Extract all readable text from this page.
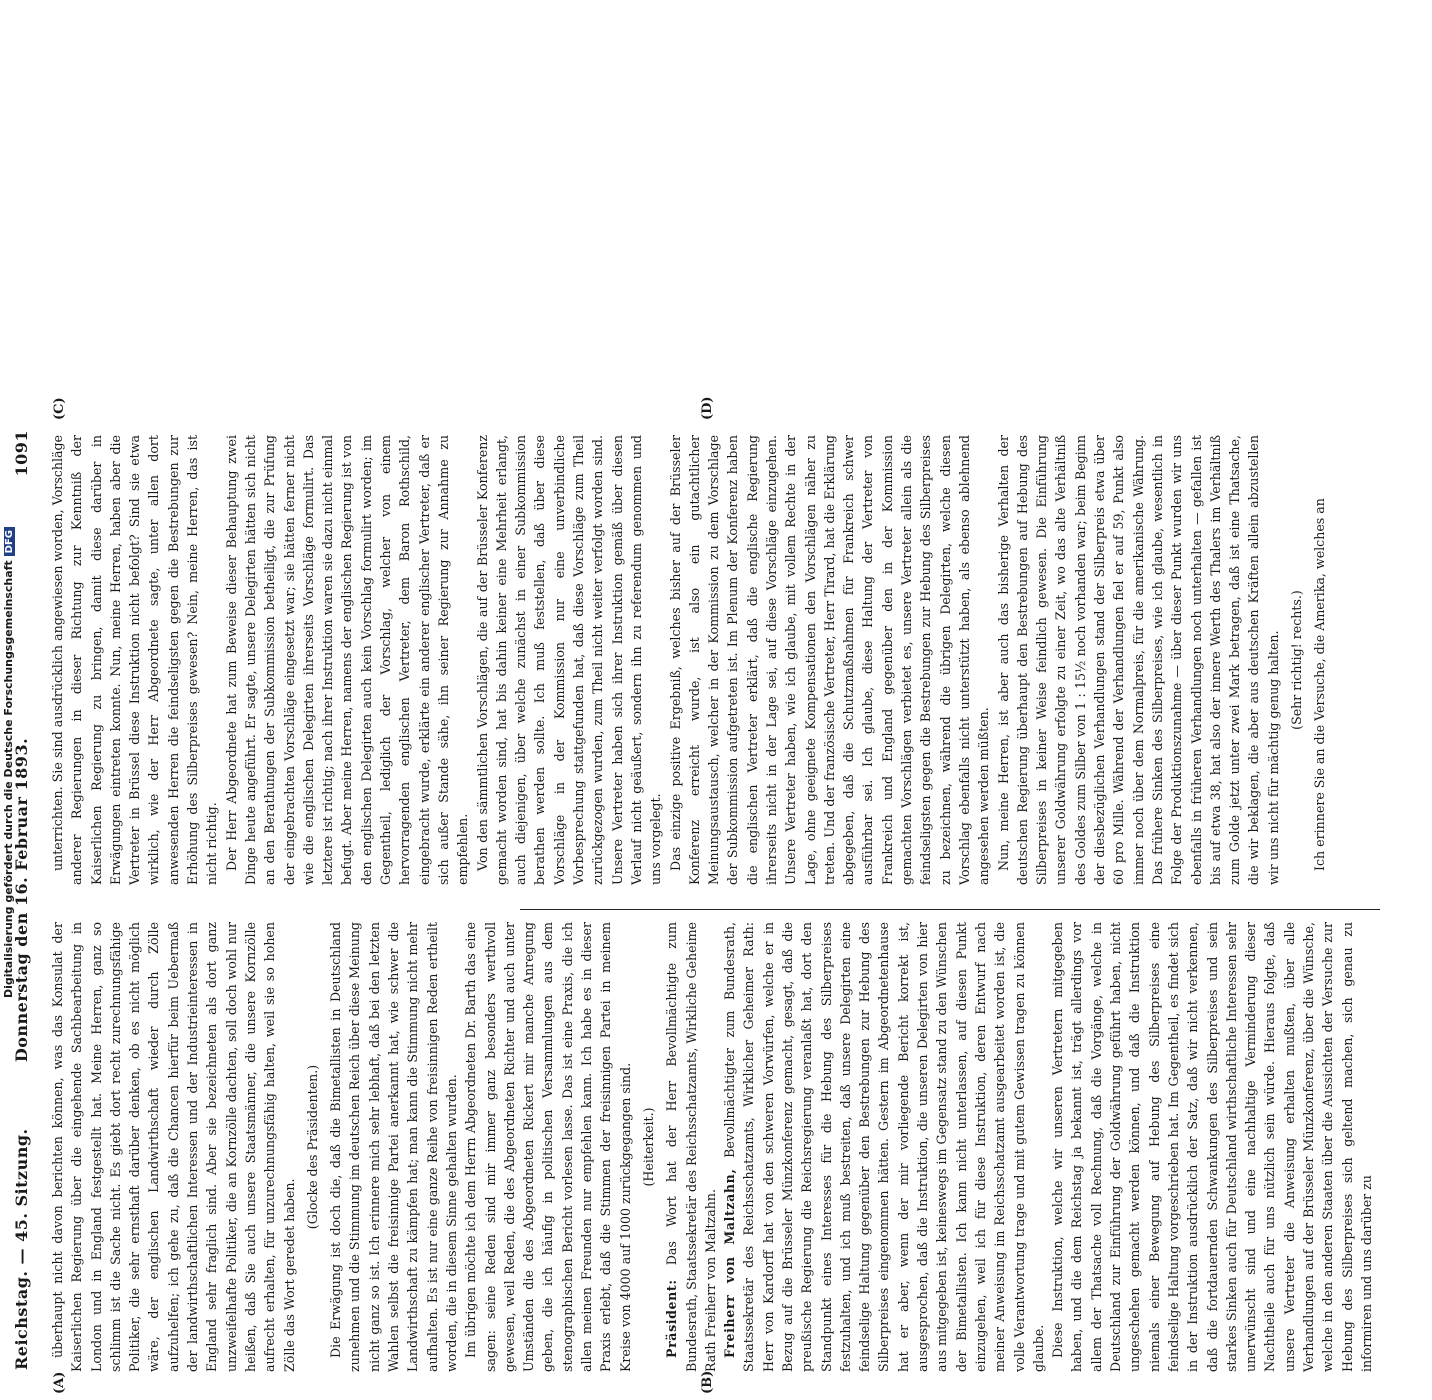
Reichstag. — 45. Sitzung.
Donnerstag den 16. Februar 1893.
1091
(A)
(C)
(B)
(D)

überhaupt nicht davon berichten können, was das Konsulat der Kaiserlichen Regierung über die eingehende Sachbearbeitung in London und in England festgestellt hat. Meine Herren, ganz so schlimm ist die Sache nicht. Es giebt dort recht zurechnungsfähige Politiker, die sehr ernsthaft darüber denken, ob es nicht möglich wäre, der englischen Landwirthschaft wieder durch Zölle aufzuhelfen; ich gehe zu, daß die Chancen hierfür beim Uebermaß der landwirthschaftlichen Interessen und der Industrieinteressen in England sehr fraglich sind. Aber sie bezeichneten als dort ganz unzweifelhafte Politiker, die an Kornzölle dachten, soll doch wohl nur heißen, daß Sie auch unsere Staatsmänner, die unsere Kornzölle aufrecht erhalten, für unzurechnungsfähig halten, weil sie so hohen Zölle das Wort geredet haben.

(Glocke des Präsidenten.) Die Erwägung ist doch die, daß die Bimetallisten in Deutschland zunehmen und die Stimmung im deutschen Reich über diese Meinung nicht ganz so ist. Ich erinnere mich sehr lebhaft, daß bei den letzten Wahlen selbst die freisinnige Partei anerkannt hat, wie schwer die Landwirthschaft zu kämpfen hat; man kann die Stimmung nicht mehr aufhalten. Es ist nur eine ganze Reihe von freisinnigen Reden ertheilt worden, die in diesem Sinne gehalten wurden. Im übrigen möchte ich dem Herrn Abgeordneten Dr. Barth das eine sagen: seine Reden sind mir immer ganz besonders werthvoll gewesen, weil Reden, die des Abgeordneten Richter und auch unter Umständen die des Abgeordneten Rickert mir manche Anregung geben, die ich häufig in politischen Versammlungen aus dem stenographischen Bericht vorlesen lasse. Das ist eine Praxis, die ich allen meinen Freunden nur empfehlen kann. Ich habe es in dieser Praxis erlebt, daß die Stimmen der freisinnigen Partei in meinem Kreise von 4000 auf 1000 zurückgegangen sind. (Heiterkeit.)

Präsident: Das Wort hat der Herr Bevollmächtigte zum Bundesrath, Staatssekretär des Reichsschatzamts, Wirkliche Geheime Rath Freiherr von Maltzahn. Freiherr von Maltzahn, Bevollmächtigter zum Bundesrath, Staatssekretär des Reichsschatzamts, Wirklicher Geheimer Rath: Herr von Kardorff hat von den schweren Vorwürfen, welche er in Bezug auf die Brüsseler Münzkonferenz gemacht, gesagt, daß die preußische Regierung die Reichsregierung veranlaßt hat, dort den Standpunkt eines Interesses für die Hebung des Silberpreises festzuhalten, und ich muß bestreiten, daß unsere Delegirten eine feindselige Haltung gegenüber den Bestrebungen zur Hebung des Silberpreises eingenommen hätten. Gestern im Abgeordnetenhause hat er aber, wenn der mir vorliegende Bericht korrekt ist, ausgesprochen, daß die Instruktion, die unseren Delegirten von hier aus mitgegeben ist, keineswegs im Gegensatz stand zu den Wünschen der Bimetallisten. Ich kann nicht unterlassen, auf diesen Punkt einzugehen, weil ich für diese Instruktion, deren Entwurf nach meiner Anweisung im Reichsschatzamt ausgearbeitet worden ist, die volle Verantwortung trage und mit gutem Gewissen tragen zu können glaube. Diese Instruktion, welche wir unseren Vertretern mitgegeben haben, und die dem Reichstag ja bekannt ist, trägt allerdings vor allem der Thatsache voll Rechnung, daß die Vorgänge, welche in Deutschland zur Einführung der Goldwährung geführt haben, nicht ungeschehen gemacht werden können, und daß die Instruktion niemals einer Bewegung auf Hebung des Silberpreises eine feindselige Haltung vorgeschrieben hat. Im Gegentheil, es findet sich in der Instruktion ausdrücklich der Satz, daß wir nicht verkennen, daß die fortdauernden Schwankungen des Silberpreises und sein starkes Sinken auch für Deutschland wirthschaftliche Interessen sehr unerwünscht sind und eine nachhaltige Verminderung dieser Nachtheile auch für uns nützlich sein würde. Hieraus folgte, daß unsere Vertreter die Anweisung erhalten mußten, über alle Verhandlungen auf der Brüsseler Münzkonferenz, über die Wünsche, welche in den anderen Staaten über die Aussichten der Versuche zur Hebung des Silberpreises sich geltend machen, sich genau zu informiren und uns darüber zu

unterrichten. Sie sind ausdrücklich angewiesen worden, Vorschläge anderer Regierungen in dieser Richtung zur Kenntniß der Kaiserlichen Regierung zu bringen, damit diese darüber in Erwägungen eintreten konnte. Nun, meine Herren, haben aber die Vertreter in Brüssel diese Instruktion nicht befolgt? Sind sie etwa wirklich, wie der Herr Abgeordnete sagte, unter allen dort anwesenden Herren die feindseligsten gegen die Bestrebungen zur Erhöhung des Silberpreises gewesen? Nein, meine Herren, das ist nicht richtig. Der Herr Abgeordnete hat zum Beweise dieser Behauptung zwei Dinge heute angeführt. Er sagte, unsere Delegirten hätten sich nicht an den Berathungen der Subkommission betheiligt, die zur Prüfung der eingebrachten Vorschläge eingesetzt war; sie hätten ferner nicht wie die englischen Delegirten ihrerseits Vorschläge formulirt. Das letztere ist richtig; nach ihrer Instruktion waren sie dazu nicht einmal befugt. Aber meine Herren, namens der englischen Regierung ist von den englischen Delegirten auch kein Vorschlag formulirt worden; im Gegentheil, lediglich der Vorschlag, welcher von einem hervorragenden englischen Vertreter, dem Baron Rothschild, eingebracht wurde, erklärte ein anderer englischer Vertreter, daß er sich außer Stande sähe, ihn seiner Regierung zur Annahme zu empfehlen. Von den sämmtlichen Vorschlägen, die auf der Brüsseler Konferenz gemacht worden sind, hat bis dahin keiner eine Mehrheit erlangt, auch diejenigen, über welche zunächst in einer Subkommission berathen werden sollte. Ich muß feststellen, daß über diese Vorschläge in der Kommission nur eine unverbindliche Vorbesprechung stattgefunden hat, daß diese Vorschläge zum Theil zurückgezogen wurden, zum Theil nicht weiter verfolgt worden sind. Unsere Vertreter haben sich ihrer Instruktion gemäß über diesen Verlauf nicht geäußert, sondern ihn zu referendum genommen und uns vorgelegt. Das einzige positive Ergebniß, welches bisher auf der Brüsseler Konferenz erreicht wurde, ist also ein gutachtlicher Meinungsaustausch, welcher in der Kommission zu dem Vorschlage der Subkommission aufgetreten ist. Im Plenum der Konferenz haben die englischen Vertreter erklärt, daß die englische Regierung ihrerseits nicht in der Lage sei, auf diese Vorschläge einzugehen. Unsere Vertreter haben, wie ich glaube, mit vollem Rechte in der Lage, ohne geeignete Kompensationen den Vorschlägen näher zu treten. Und der französische Vertreter, Herr Tirard, hat die Erklärung abgegeben, daß die Schutzmaßnahmen für Frankreich schwer ausführbar sei. Ich glaube, diese Haltung der Vertreter von Frankreich und England gegenüber den in der Kommission gemachten Vorschlägen verbietet es, unsere Vertreter allein als die feindseligsten gegen die Bestrebungen zur Hebung des Silberpreises zu bezeichnen, während die übrigen Delegirten, welche diesen Vorschlag ebenfalls nicht unterstützt haben, als ebenso ablehnend angesehen werden müßten. Nun, meine Herren, ist aber auch das bisherige Verhalten der deutschen Regierung überhaupt den Bestrebungen auf Hebung des Silberpreises in keiner Weise feindlich gewesen. Die Einführung unserer Goldwährung erfolgte zu einer Zeit, wo das alte Verhältniß des Goldes zum Silber von 1 : 15½ noch vorhanden war; beim Beginn der diesbezüglichen Verhandlungen stand der Silberpreis etwa über 60 pro Mille. Während der Verhandlungen fiel er auf 59, Punkt also immer noch über dem Normalpreis, für die amerikanische Währung. Das frühere Sinken des Silberpreises, wie ich glaube, wesentlich in Folge der Produktionszunahme — über dieser Punkt wurden wir uns ebenfalls in früheren Verhandlungen noch unterhalten — gefallen ist bis auf etwa 38, hat also der innere Werth des Thalers im Verhältniß zum Golde jetzt unter zwei Mark betragen, daß ist eine Thatsache, die wir beklagen, die aber aus deutschen Kräften allein abzustellen wir uns nicht für mächtig genug halten. (Sehr richtig! rechts.) Ich erinnere Sie an die Versuche, die Amerika, welches an

Digitalisierung gefördert durch die Deutsche ForschungsgemeinschaftDFG
